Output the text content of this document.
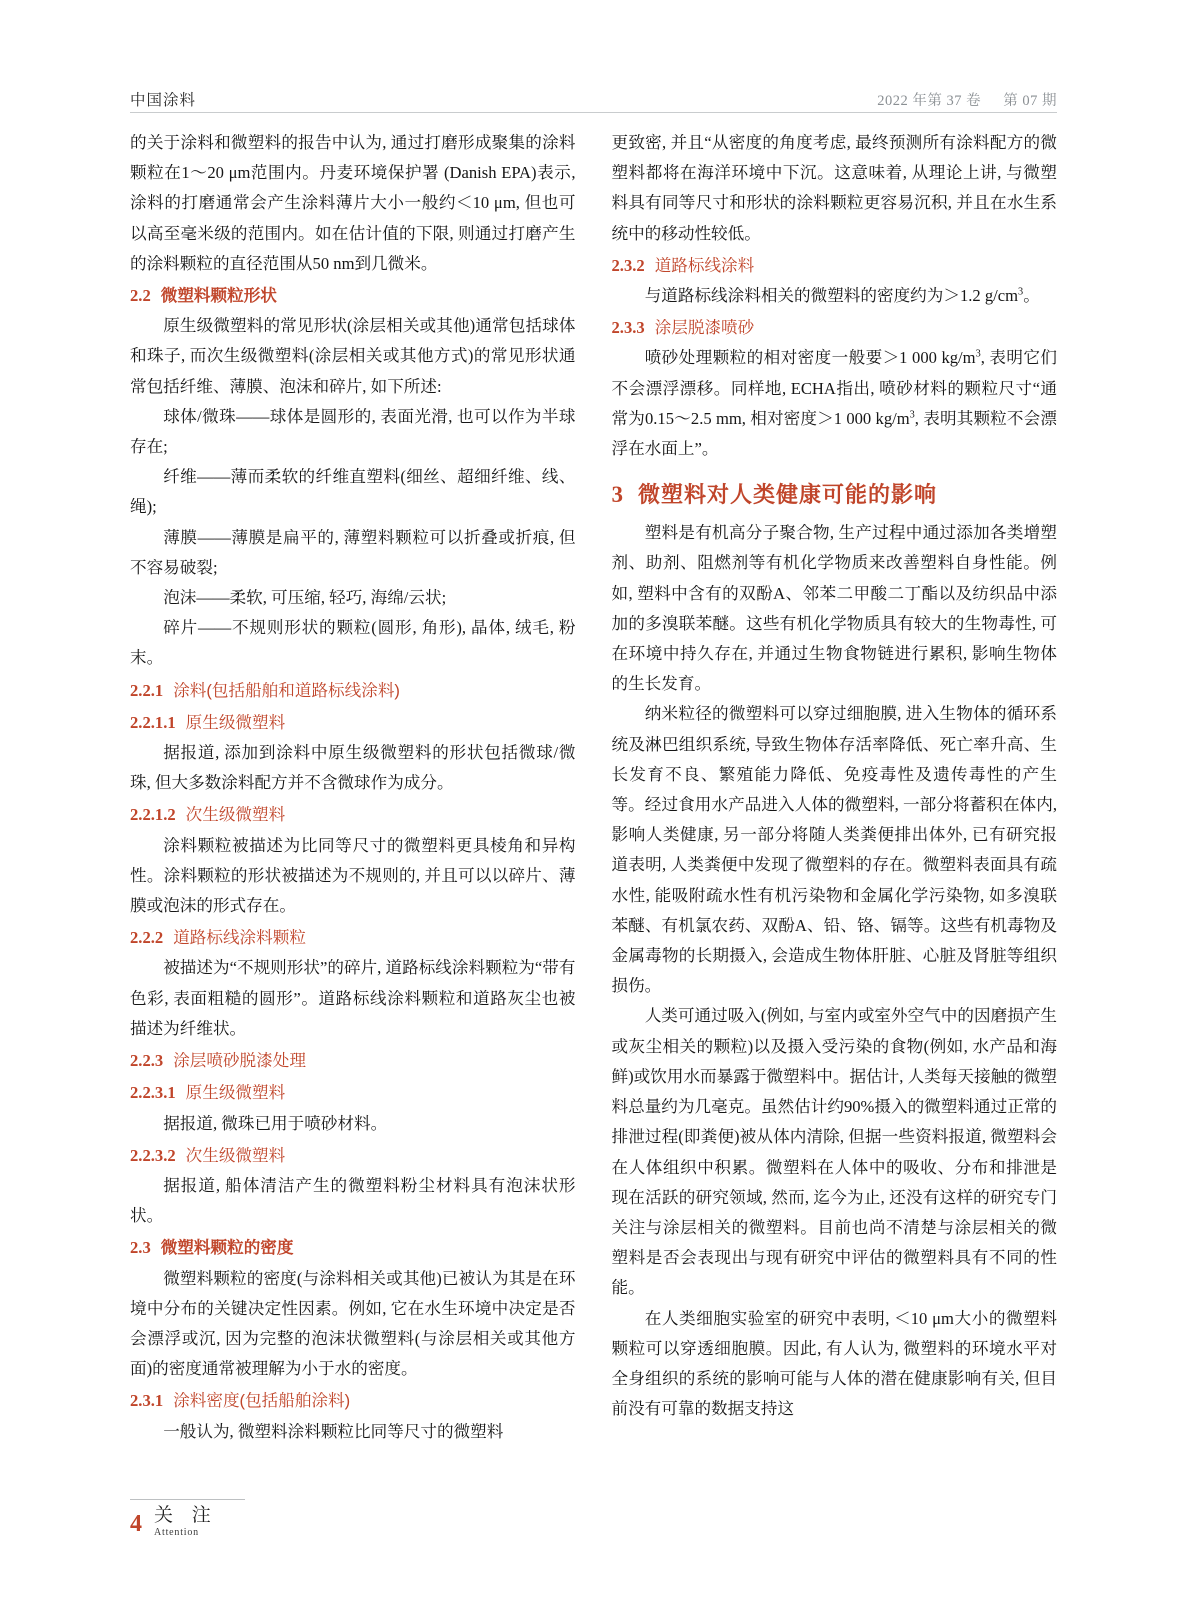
中国涂料	2022 年第 37 卷 第 07 期

的关于涂料和微塑料的报告中认为, 通过打磨形成聚集的涂料颗粒在1～20 μm范围内。丹麦环境保护署 (Danish EPA)表示, 涂料的打磨通常会产生涂料薄片大小一般约＜10 μm, 但也可以高至毫米级的范围内。如在估计值的下限, 则通过打磨产生的涂料颗粒的直径范围从50 nm到几微米。

2.2 微塑料颗粒形状

原生级微塑料的常见形状(涂层相关或其他)通常包括球体和珠子, 而次生级微塑料(涂层相关或其他方式)的常见形状通常包括纤维、薄膜、泡沫和碎片, 如下所述:

球体/微珠——球体是圆形的, 表面光滑, 也可以作为半球存在;

纤维——薄而柔软的纤维直塑料(细丝、超细纤维、线、绳);

薄膜——薄膜是扁平的, 薄塑料颗粒可以折叠或折痕, 但不容易破裂;

泡沫——柔软, 可压缩, 轻巧, 海绵/云状;

碎片——不规则形状的颗粒(圆形, 角形), 晶体, 绒毛, 粉末。

2.2.1 涂料(包括船舶和道路标线涂料)

2.2.1.1 原生级微塑料

据报道, 添加到涂料中原生级微塑料的形状包括微球/微珠, 但大多数涂料配方并不含微球作为成分。

2.2.1.2 次生级微塑料

涂料颗粒被描述为比同等尺寸的微塑料更具棱角和异构性。涂料颗粒的形状被描述为不规则的, 并且可以以碎片、薄膜或泡沫的形式存在。

2.2.2 道路标线涂料颗粒

被描述为“不规则形状”的碎片, 道路标线涂料颗粒为“带有色彩, 表面粗糙的圆形”。道路标线涂料颗粒和道路灰尘也被描述为纤维状。

2.2.3 涂层喷砂脱漆处理

2.2.3.1 原生级微塑料

据报道, 微珠已用于喷砂材料。

2.2.3.2 次生级微塑料

据报道, 船体清洁产生的微塑料粉尘材料具有泡沫状形状。

2.3 微塑料颗粒的密度

微塑料颗粒的密度(与涂料相关或其他)已被认为其是在环境中分布的关键决定性因素。例如, 它在水生环境中决定是否会漂浮或沉, 因为完整的泡沫状微塑料(与涂层相关或其他方面)的密度通常被理解为小于水的密度。

2.3.1 涂料密度(包括船舶涂料)

一般认为, 微塑料涂料颗粒比同等尺寸的微塑料

更致密, 并且“从密度的角度考虑, 最终预测所有涂料配方的微塑料都将在海洋环境中下沉。这意味着, 从理论上讲, 与微塑料具有同等尺寸和形状的涂料颗粒更容易沉积, 并且在水生系统中的移动性较低。

2.3.2 道路标线涂料

与道路标线涂料相关的微塑料的密度约为＞1.2 $g/cm^3$。

2.3.3 涂层脱漆喷砂

喷砂处理颗粒的相对密度一般要＞1 000 $kg/m^3$, 表明它们不会漂浮漂移。同样地, ECHA指出, 喷砂材料的颗粒尺寸“通常为0.15～2.5 mm, 相对密度＞1 000 $kg/m^3$, 表明其颗粒不会漂浮在水面上”。

3 微塑料对人类健康可能的影响

塑料是有机高分子聚合物, 生产过程中通过添加各类增塑剂、助剂、阻燃剂等有机化学物质来改善塑料自身性能。例如, 塑料中含有的双酚A、邻苯二甲酸二丁酯以及纺织品中添加的多溴联苯醚。这些有机化学物质具有较大的生物毒性, 可在环境中持久存在, 并通过生物食物链进行累积, 影响生物体的生长发育。

纳米粒径的微塑料可以穿过细胞膜, 进入生物体的循环系统及淋巴组织系统, 导致生物体存活率降低、死亡率升高、生长发育不良、繁殖能力降低、免疫毒性及遗传毒性的产生等。经过食用水产品进入人体的微塑料, 一部分将蓄积在体内, 影响人类健康, 另一部分将随人类粪便排出体外, 已有研究报道表明, 人类粪便中发现了微塑料的存在。微塑料表面具有疏水性, 能吸附疏水性有机污染物和金属化学污染物, 如多溴联苯醚、有机氯农药、双酚A、铅、铬、镉等。这些有机毒物及金属毒物的长期摄入, 会造成生物体肝脏、心脏及肾脏等组织损伤。

人类可通过吸入(例如, 与室内或室外空气中的因磨损产生或灰尘相关的颗粒)以及摄入受污染的食物(例如, 水产品和海鲜)或饮用水而暴露于微塑料中。据估计, 人类每天接触的微塑料总量约为几毫克。虽然估计约90%摄入的微塑料通过正常的排泄过程(即粪便)被从体内清除, 但据一些资料报道, 微塑料会在人体组织中积累。微塑料在人体中的吸收、分布和排泄是现在活跃的研究领域, 然而, 迄今为止, 还没有这样的研究专门关注与涂层相关的微塑料。目前也尚不清楚与涂层相关的微塑料是否会表现出与现有研究中评估的微塑料具有不同的性能。

在人类细胞实验室的研究中表明, ＜10 μm大小的微塑料颗粒可以穿透细胞膜。因此, 有人认为, 微塑料的环境水平对全身组织的系统的影响可能与人体的潜在健康影响有关, 但目前没有可靠的数据支持这

4 关 注
Attention
